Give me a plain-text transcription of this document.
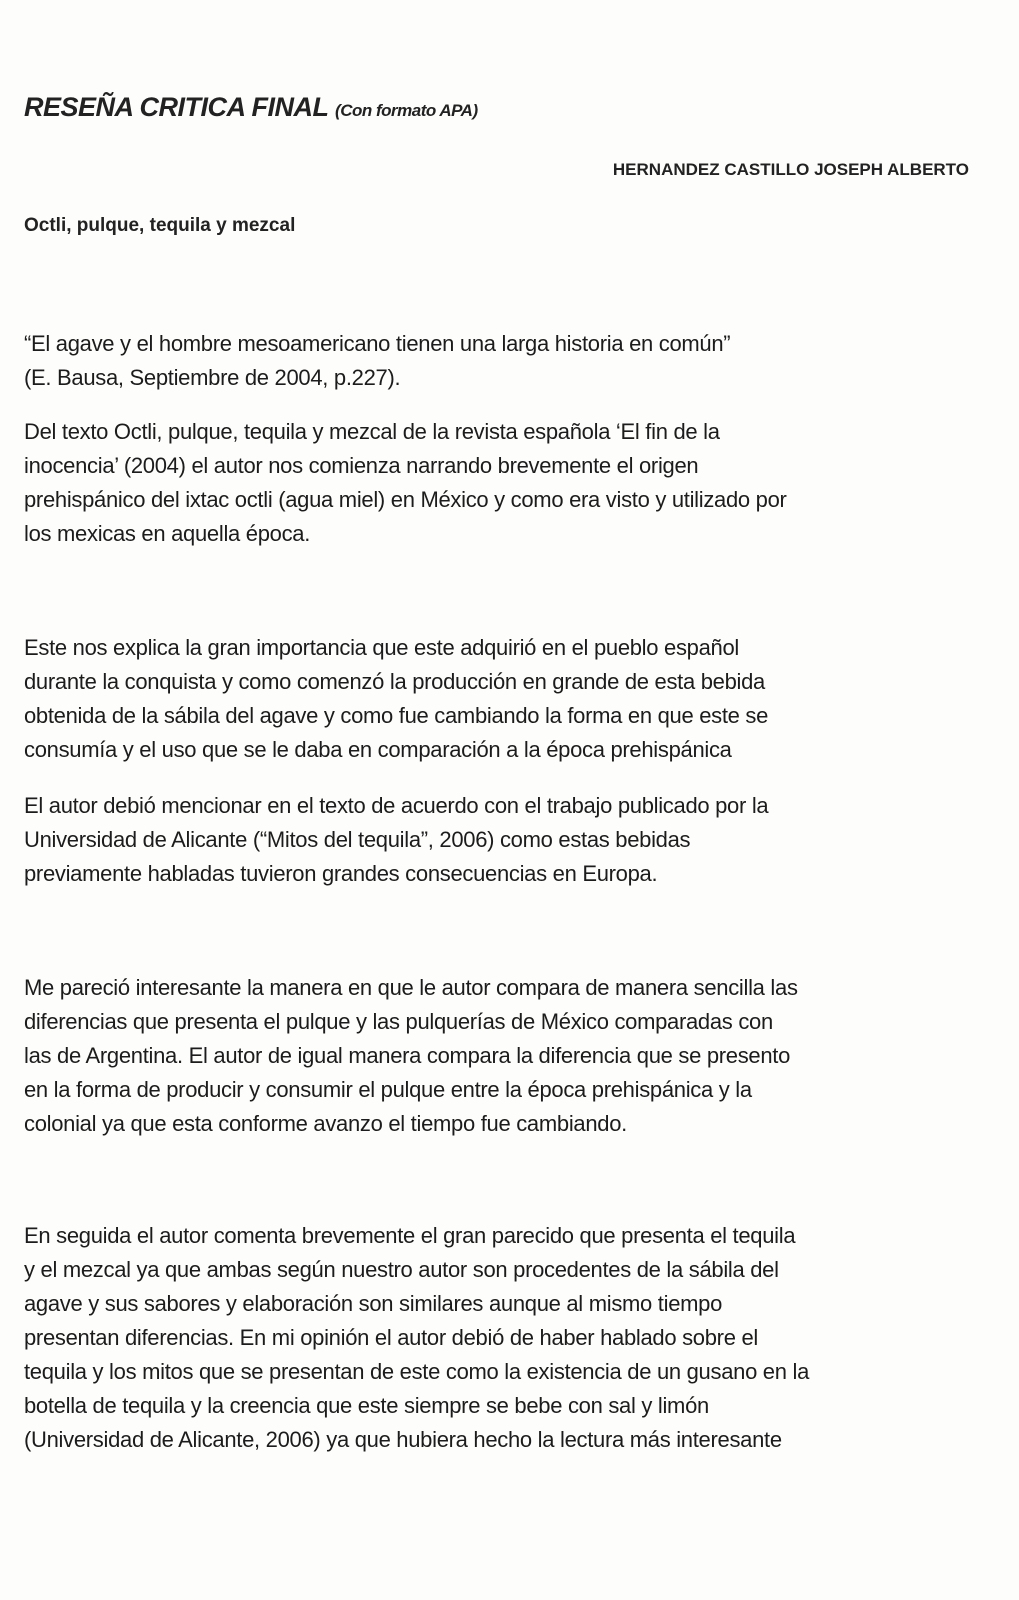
RESEÑA CRITICA FINAL (Con formato APA)
HERNANDEZ CASTILLO JOSEPH ALBERTO
Octli, pulque, tequila y mezcal
“El agave y el hombre mesoamericano tienen una larga historia en común”
(E. Bausa, Septiembre de 2004, p.227).
Del texto Octli, pulque, tequila y mezcal de la revista española ‘El fin de la
inocencia’ (2004) el autor nos comienza narrando brevemente el origen
prehispánico del ixtac octli (agua miel) en México y como era visto y utilizado por
los mexicas en aquella época.
Este nos explica la gran importancia que este adquirió en el pueblo español
durante la conquista y como comenzó la producción en grande de esta bebida
obtenida de la sábila del agave y como fue cambiando la forma en que este se
consumía y el uso que se le daba en comparación a la época prehispánica
El autor debió mencionar en el texto de acuerdo con el trabajo publicado por la
Universidad de Alicante (“Mitos del tequila”, 2006) como estas bebidas
previamente habladas tuvieron grandes consecuencias en Europa.
Me pareció interesante la manera en que le autor compara de manera sencilla las
diferencias que presenta el pulque y las pulquerías de México comparadas con
las de Argentina. El autor de igual manera compara la diferencia que se presento
en la forma de producir y consumir el pulque entre la época prehispánica y la
colonial ya que esta conforme avanzo el tiempo fue cambiando.
En seguida el autor comenta brevemente el gran parecido que presenta el tequila
y el mezcal ya que ambas según nuestro autor son procedentes de la sábila del
agave y sus sabores y elaboración son similares aunque al mismo tiempo
presentan diferencias. En mi opinión el autor debió de haber hablado sobre el
tequila y los mitos que se presentan de este como la existencia de un gusano en la
botella de tequila y la creencia que este siempre se bebe con sal y limón
(Universidad de Alicante, 2006) ya que hubiera hecho la lectura más interesante
